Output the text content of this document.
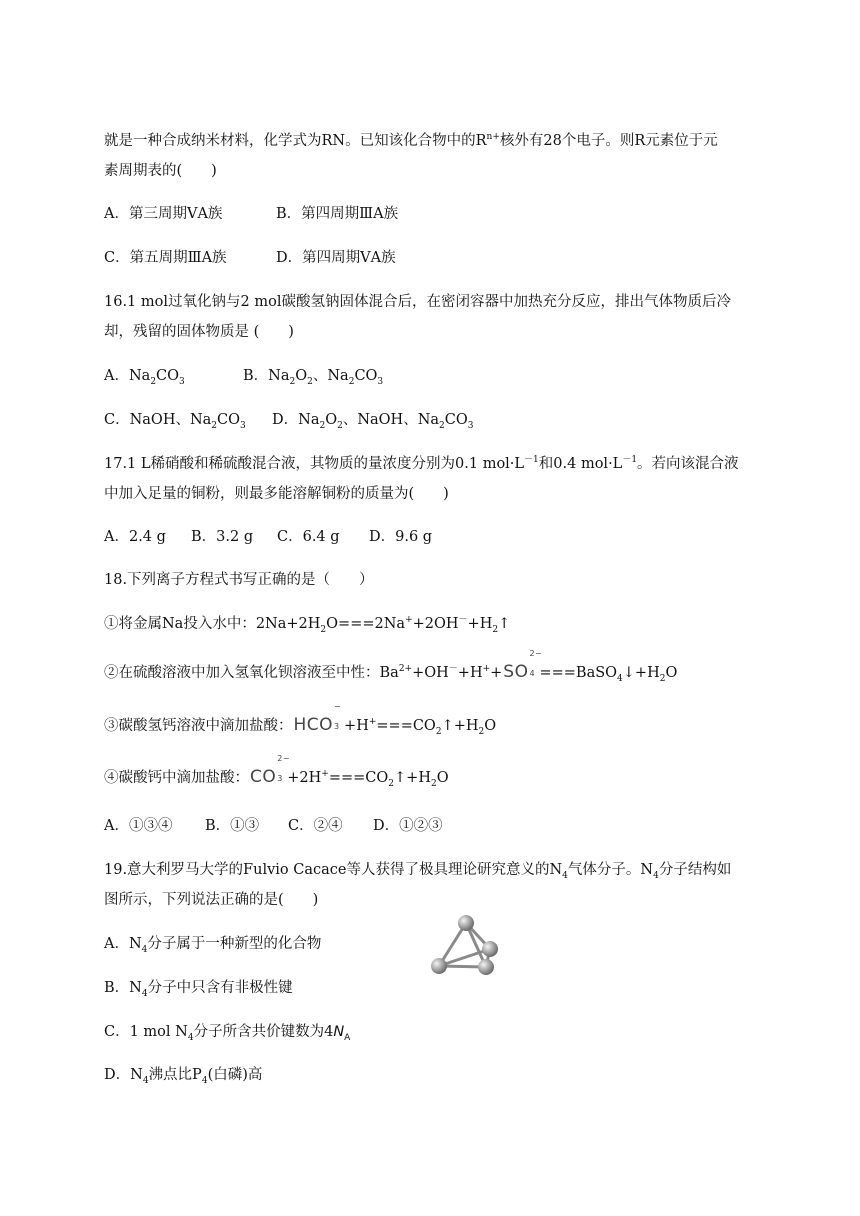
就是一种合成纳米材料，化学式为RN。已知该化合物中的$R^{n+}$核外有28个电子。则R元素位于元
素周期表的(　　)
A．第三周期ⅤA族	B．第四周期ⅢA族
C．第五周期ⅢA族	D．第四周期ⅤA族
16.1 mol过氧化钠与2 mol碳酸氢钠固体混合后，在密闭容器中加热充分反应，排出气体物质后冷
却，残留的固体物质是 (　　)
A．$Na_2CO_3$	B．$Na_2O_2$、$Na_2CO_3$
C．NaOH、$Na_2CO_3$ D．$Na_2O_2$、NaOH、$Na_2CO_3$
17.1 L稀硝酸和稀硫酸混合液，其物质的量浓度分别为0.1 $mol\cdot L^{-1}$和0.4 $mol\cdot L^{-1}$。若向该混合液
中加入足量的铜粉，则最多能溶解铜粉的质量为(　　)
A．2.4 g B．3.2 g C．6.4 g D．9.6 g
18.下列离子方程式书写正确的是（　　）
①将金属Na投入水中：$2Na+2H_2O===2Na^++2OH^-+H_2↑$
②在硫酸溶液中加入氢氧化钡溶液至中性：$Ba^{2+}+OH^-+H^++SO$
2−
$4 ===BaSO_4↓+H_2O$
③碳酸氢钙溶液中滴加盐酸：HCO
−
$3 +H^+===CO_2↑+H_2O$
④碳酸钙中滴加盐酸：CO
2−
$3 +2H^+===CO_2↑+H_2O$
A．①③④ B．①③ C．②④ D．①②③
19.意大利罗马大学的Fulvio Cacace等人获得了极具理论研究意义的$N_4$气体分子。$N_4$分子结构如
图所示，下列说法正确的是(　　)
A．$N_4$分子属于一种新型的化合物
B．$N_4$分子中只含有非极性键
C．1 mol $N_4$分子所含共价键数为$4N_A$
D．$N_4$沸点比$P_4$(白磷)高
